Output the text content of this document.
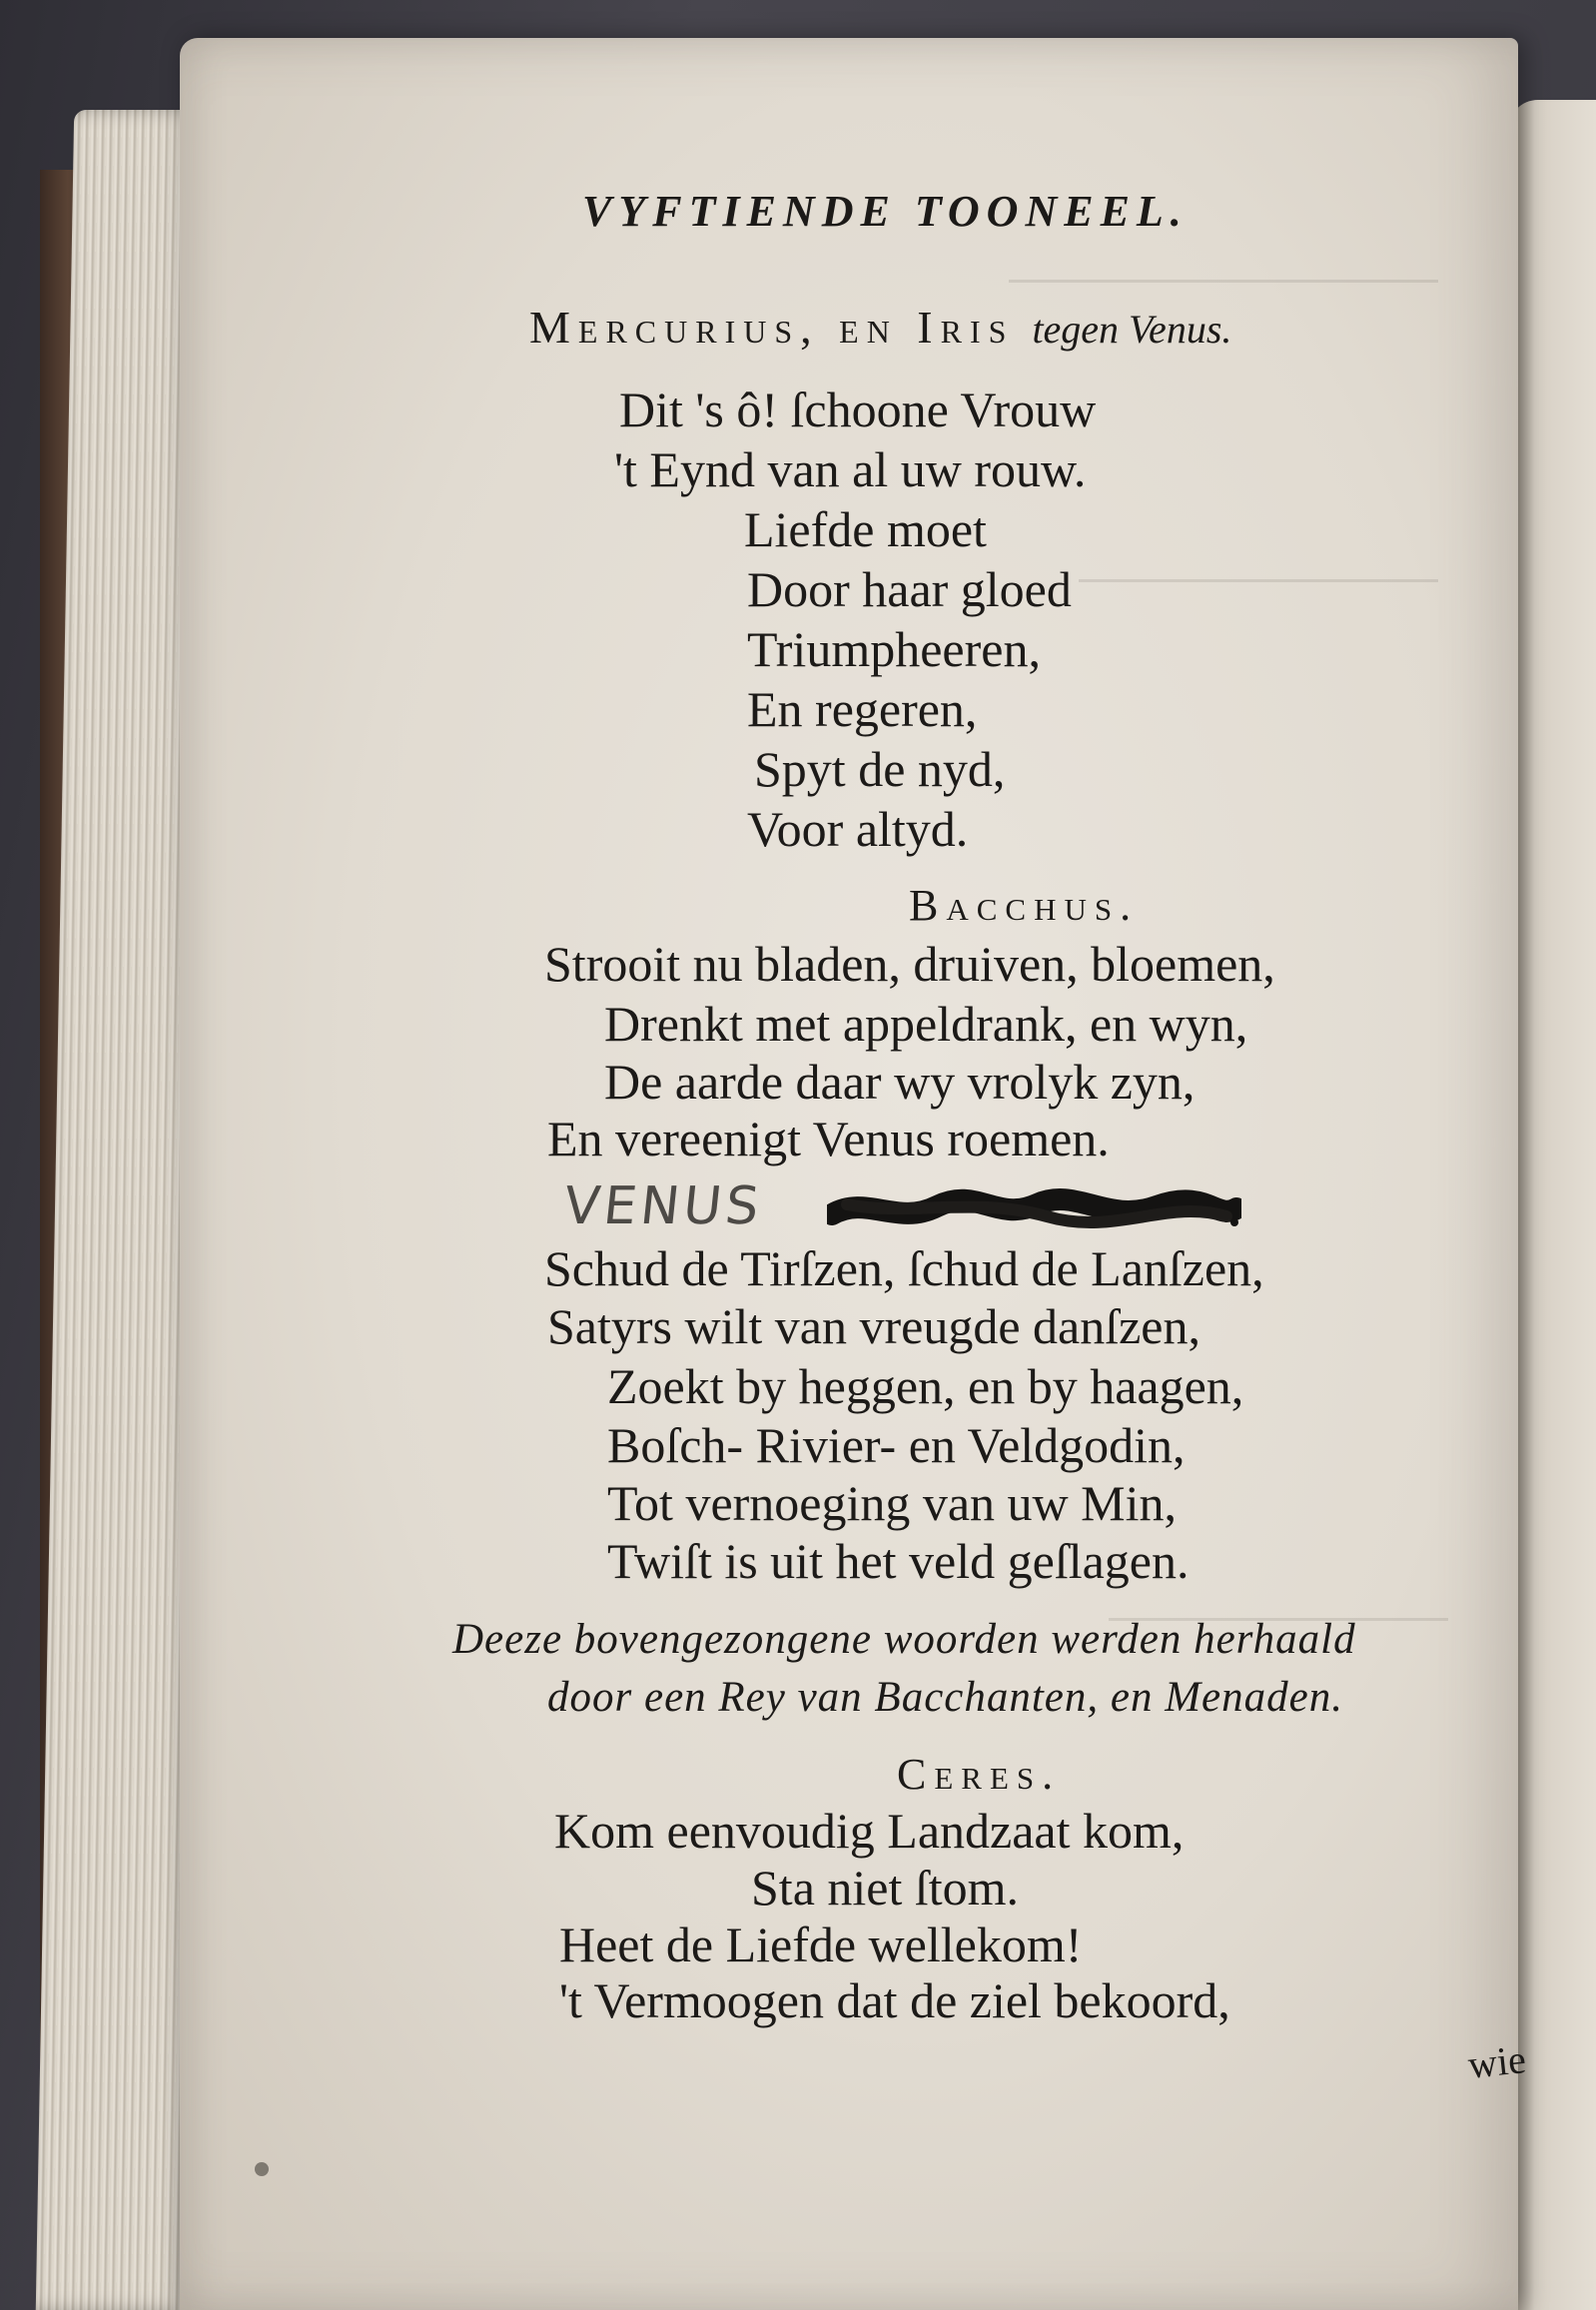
VYFTIENDE TOONEEL.
Mercurius, en Iris tegen Venus.
Dit 's ô! ſchoone Vrouw
't Eynd van al uw rouw.
Liefde moet
Door haar gloed
Triumpheeren,
En regeren,
Spyt de nyd,
Voor altyd.
Bacchus.
Strooit nu bladen, druiven, bloemen,
Drenkt met appeldrank, en wyn,
De aarde daar wy vrolyk zyn,
En vereenigt Venus roemen.
VENUS
Schud de Tirſzen, ſchud de Lanſzen,
Satyrs wilt van vreugde danſzen,
Zoekt by heggen, en by haagen,
Boſch- Rivier- en Veldgodin,
Tot vernoeging van uw Min,
Twiſt is uit het veld geſlagen.
Deeze bovengezongene woorden werden herhaald
door een Rey van Bacchanten, en Menaden.
Ceres.
Kom eenvoudig Landzaat kom,
Sta niet ſtom.
Heet de Liefde wellekom!
't Vermoogen dat de ziel bekoord,
wie
